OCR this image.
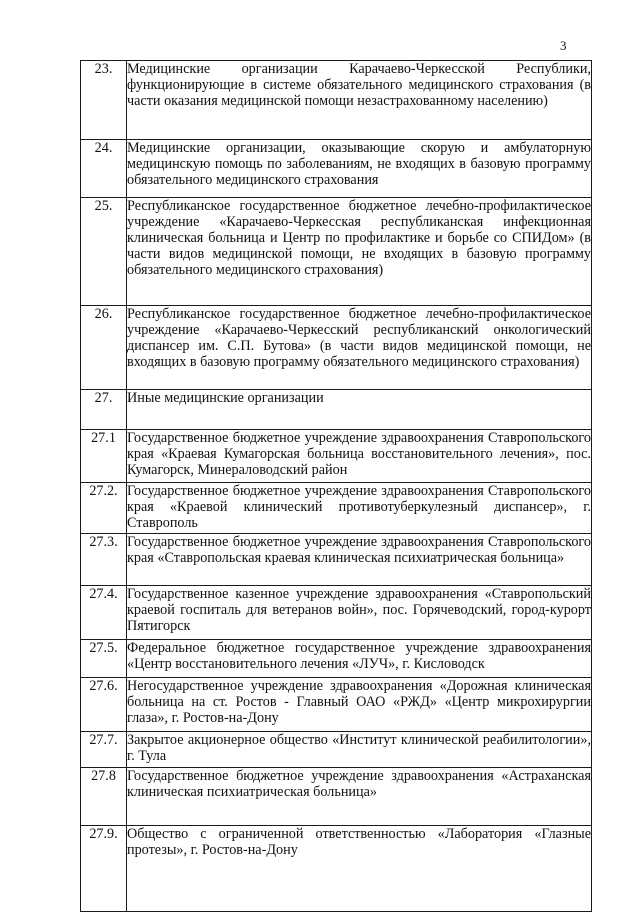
3
23.	Медицинские организации Карачаево-Черкесской Республики, функционирующие в системе обязательного медицинского страхования (в части оказания медицинской помощи незастрахованному населению)
24.	Медицинские организации, оказывающие скорую и амбулаторную медицинскую помощь по заболеваниям, не входящих в базовую программу обязательного медицинского страхования
25.	Республиканское государственное бюджетное лечебно-профилактическое учреждение «Карачаево-Черкесская республиканская инфекционная клиническая больница и Центр по профилактике и борьбе со СПИДом» (в части видов медицинской помощи, не входящих в базовую программу обязательного медицинского страхования)
26.	Республиканское государственное бюджетное лечебно-профилактическое учреждение «Карачаево-Черкесский республиканский онкологический диспансер им. С.П. Бутова» (в части видов медицинской помощи, не входящих в базовую программу обязательного медицинского страхования)
27.	Иные медицинские организации
27.1	Государственное бюджетное учреждение здравоохранения Ставропольского края «Краевая Кумагорская больница восстановительного лечения», пос. Кумагорск, Минераловодский район
27.2.	Государственное бюджетное учреждение здравоохранения Ставропольского края «Краевой клинический противотуберкулезный диспансер», г. Ставрополь
27.3.	Государственное бюджетное учреждение здравоохранения Ставропольского края «Ставропольская краевая клиническая психиатрическая больница»
27.4.	Государственное казенное учреждение здравоохранения «Ставропольский краевой госпиталь для ветеранов войн», пос. Горячеводский, город-курорт Пятигорск
27.5.	Федеральное бюджетное государственное учреждение здравоохранения «Центр восстановительного лечения «ЛУЧ», г. Кисловодск
27.6.	Негосударственное учреждение здравоохранения «Дорожная клиническая больница на ст. Ростов - Главный ОАО «РЖД» «Центр микрохирургии глаза», г. Ростов-на-Дону
27.7.	Закрытое акционерное общество «Институт клинической реабилитологии», г. Тула
27.8	Государственное бюджетное учреждение здравоохранения «Астраханская клиническая психиатрическая больница»
27.9.	Общество с ограниченной ответственностью «Лаборатория «Глазные протезы», г. Ростов-на-Дону
